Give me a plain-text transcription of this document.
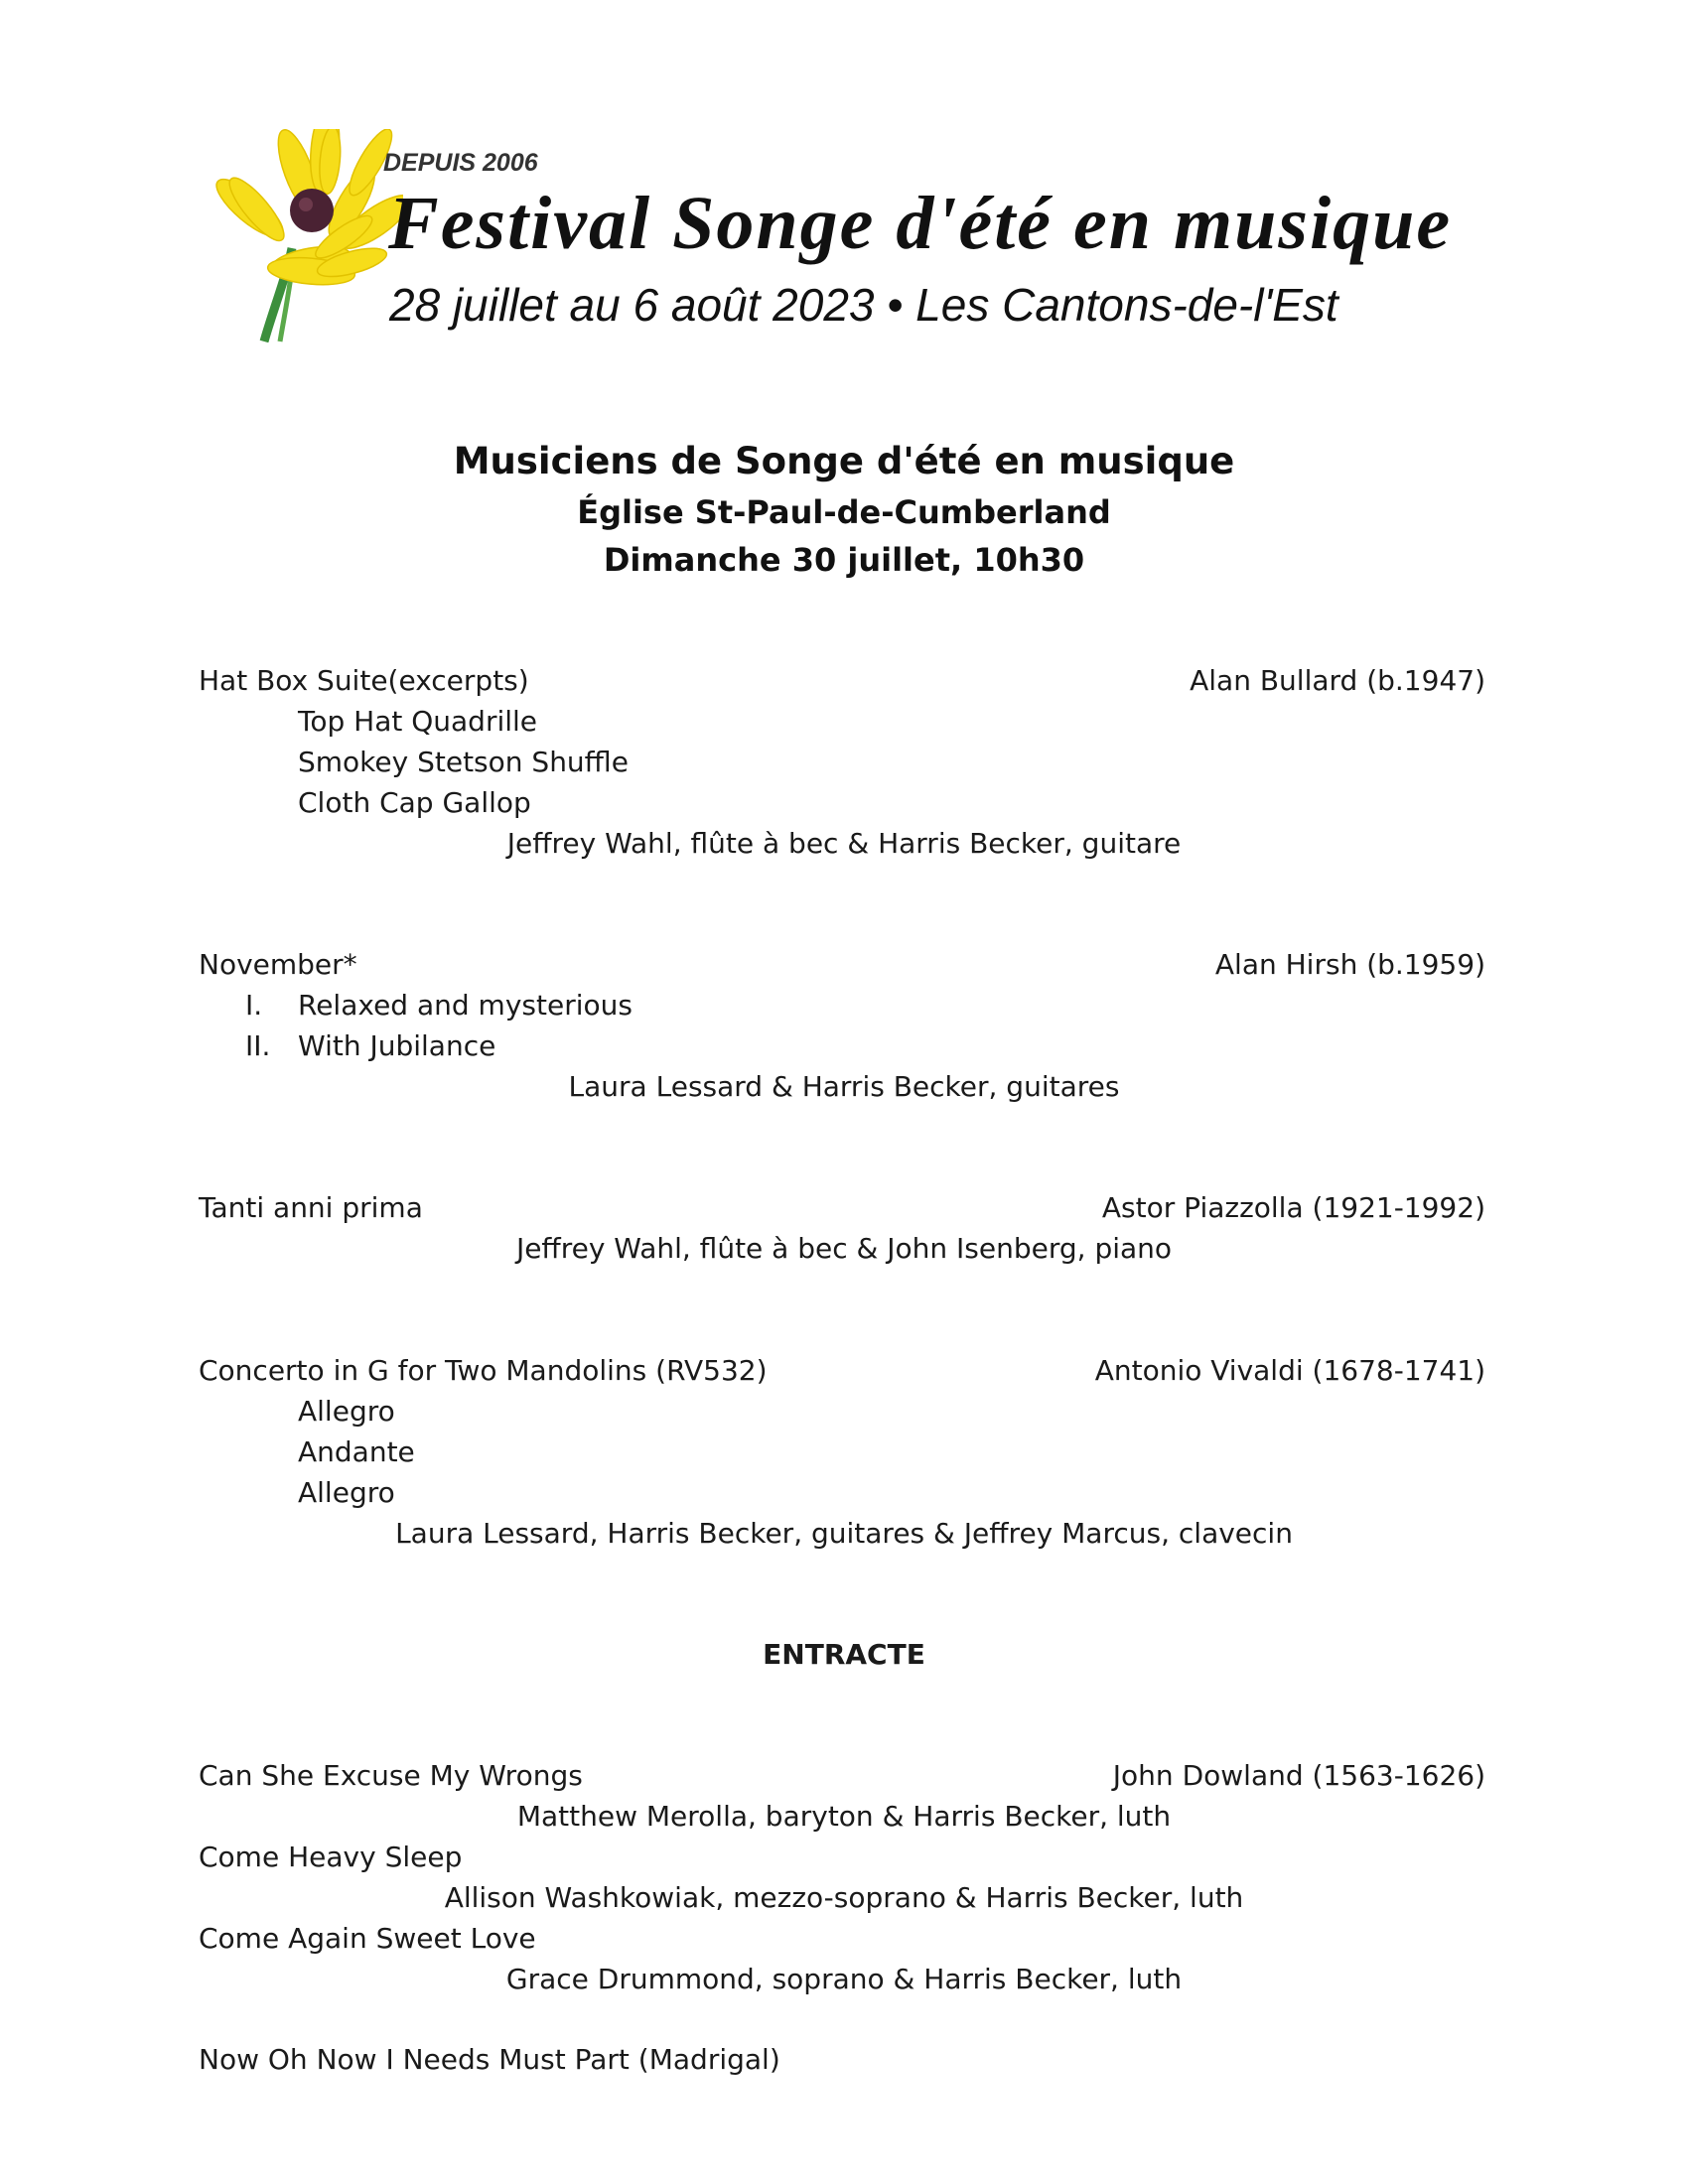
DEPUIS 2006
Festival Songe d'été en musique
28 juillet au 6 août 2023 • Les Cantons-de-l'Est
Musiciens de Songe d'été en musique
Église St-Paul-de-Cumberland
Dimanche 30 juillet, 10h30
Hat Box Suite(excerpts)	Alan Bullard (b.1947)
Top Hat Quadrille
Smokey Stetson Shuffle
Cloth Cap Gallop
Jeffrey Wahl, flûte à bec & Harris Becker, guitare
November*	Alan Hirsh (b.1959)
I. Relaxed and mysterious
II. With Jubilance
Laura Lessard & Harris Becker, guitares
Tanti anni prima	Astor Piazzolla (1921-1992)
Jeffrey Wahl, flûte à bec & John Isenberg, piano
Concerto in G for Two Mandolins (RV532)	Antonio Vivaldi (1678-1741)
Allegro
Andante
Allegro
Laura Lessard, Harris Becker, guitares & Jeffrey Marcus, clavecin
ENTRACTE
Can She Excuse My Wrongs	John Dowland (1563-1626)
Matthew Merolla, baryton & Harris Becker, luth
Come Heavy Sleep
Allison Washkowiak, mezzo-soprano & Harris Becker, luth
Come Again Sweet Love
Grace Drummond, soprano & Harris Becker, luth
Now Oh Now I Needs Must Part (Madrigal)
